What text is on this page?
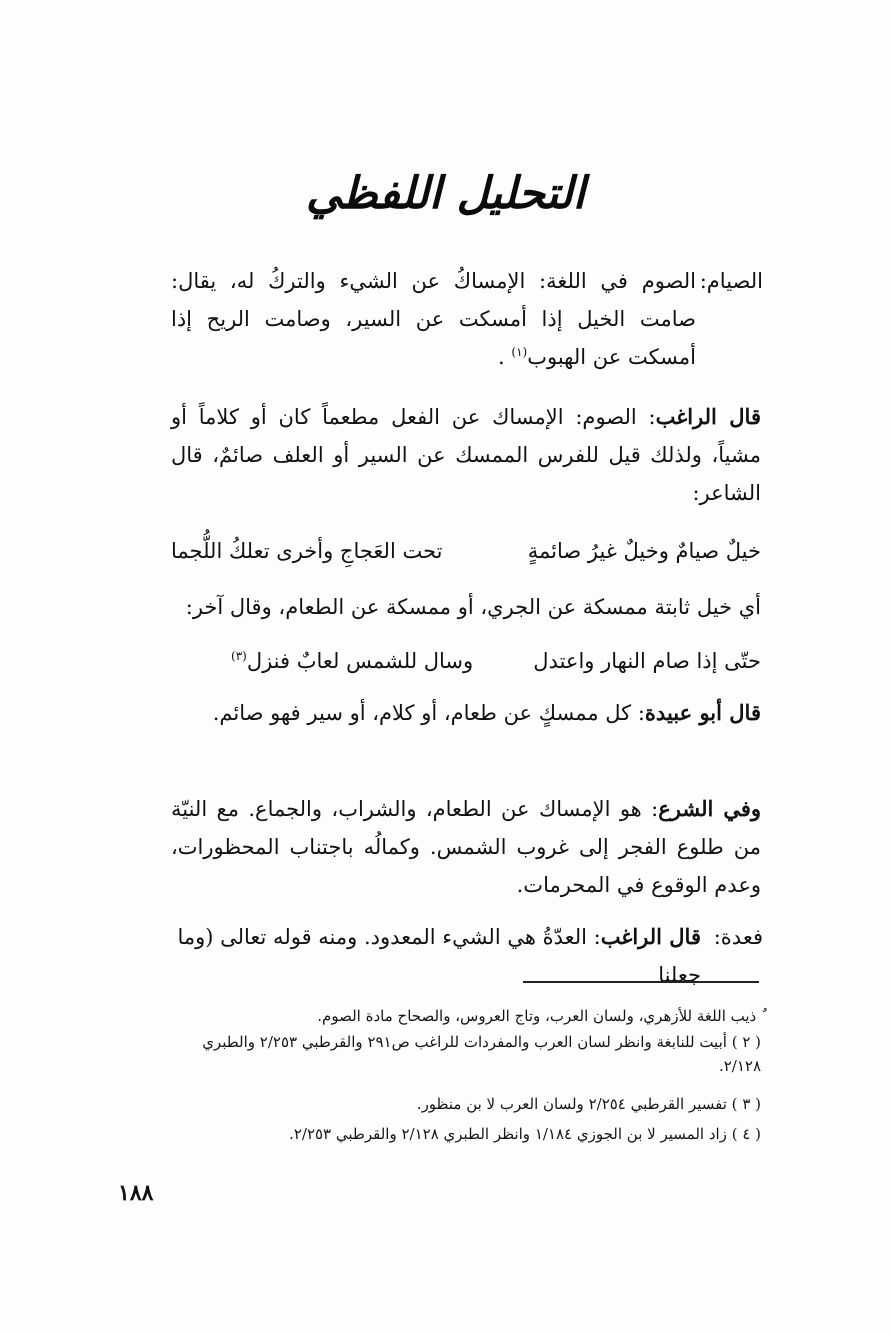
التحليل اللفظي
الصيام:
الصوم في اللغة: الإمساكُ عن الشيء والتركُ له، يقال: صامت الخيل إذا أمسكت عن السير، وصامت الريح إذا أمسكت عن الهبوب$^{(١)}$ .
قال الراغب: الصوم: الإمساك عن الفعل مطعماً كان أو كلاماً أو مشياً، ولذلك قيل للفرس الممسك عن السير أو العلف صائمٌ، قال الشاعر:
خيلٌ صيامٌ وخيلٌ غيرُ صائمةٍ
تحت العَجاجِ وأخرى تعلكُ اللُّجما
أي خيل ثابتة ممسكة عن الجري، أو ممسكة عن الطعام، وقال آخر:
حتّى إذا صام النهار واعتدل
وسال للشمس لعابٌ فنزل$^{(٣)}$
قال أبو عبيدة: كل ممسكٍ عن طعام، أو كلام، أو سير فهو صائم.
وفي الشرع: هو الإمساك عن الطعام، والشراب، والجماع. مع النيّة من طلوع الفجر إلى غروب الشمس. وكمالُه باجتناب المحظورات، وعدم الوقوع في المحرمات.
فعدة:
قال الراغب: العدّةُ هي الشيء المعدود. ومنه قوله تعالى (وما جعلنا
ٌ ذيب اللغة للأزهري، ولسان العرب، وتاج العروس، والصحاح مادة الصوم.
( ٢ ) أبيت للنابغة وانظر لسان العرب والمفردات للراغب ص٢٩١ والقرطبي ٢/٢٥٣ والطبري ٢/١٢٨.
( ٣ ) تفسير القرطبي ٢/٢٥٤ ولسان العرب لا بن منظور.
( ٤ ) زاد المسير لا بن الجوزي ١/١٨٤ وانظر الطبري ٢/١٢٨ والقرطبي ٢/٢٥٣.
١٨٨
